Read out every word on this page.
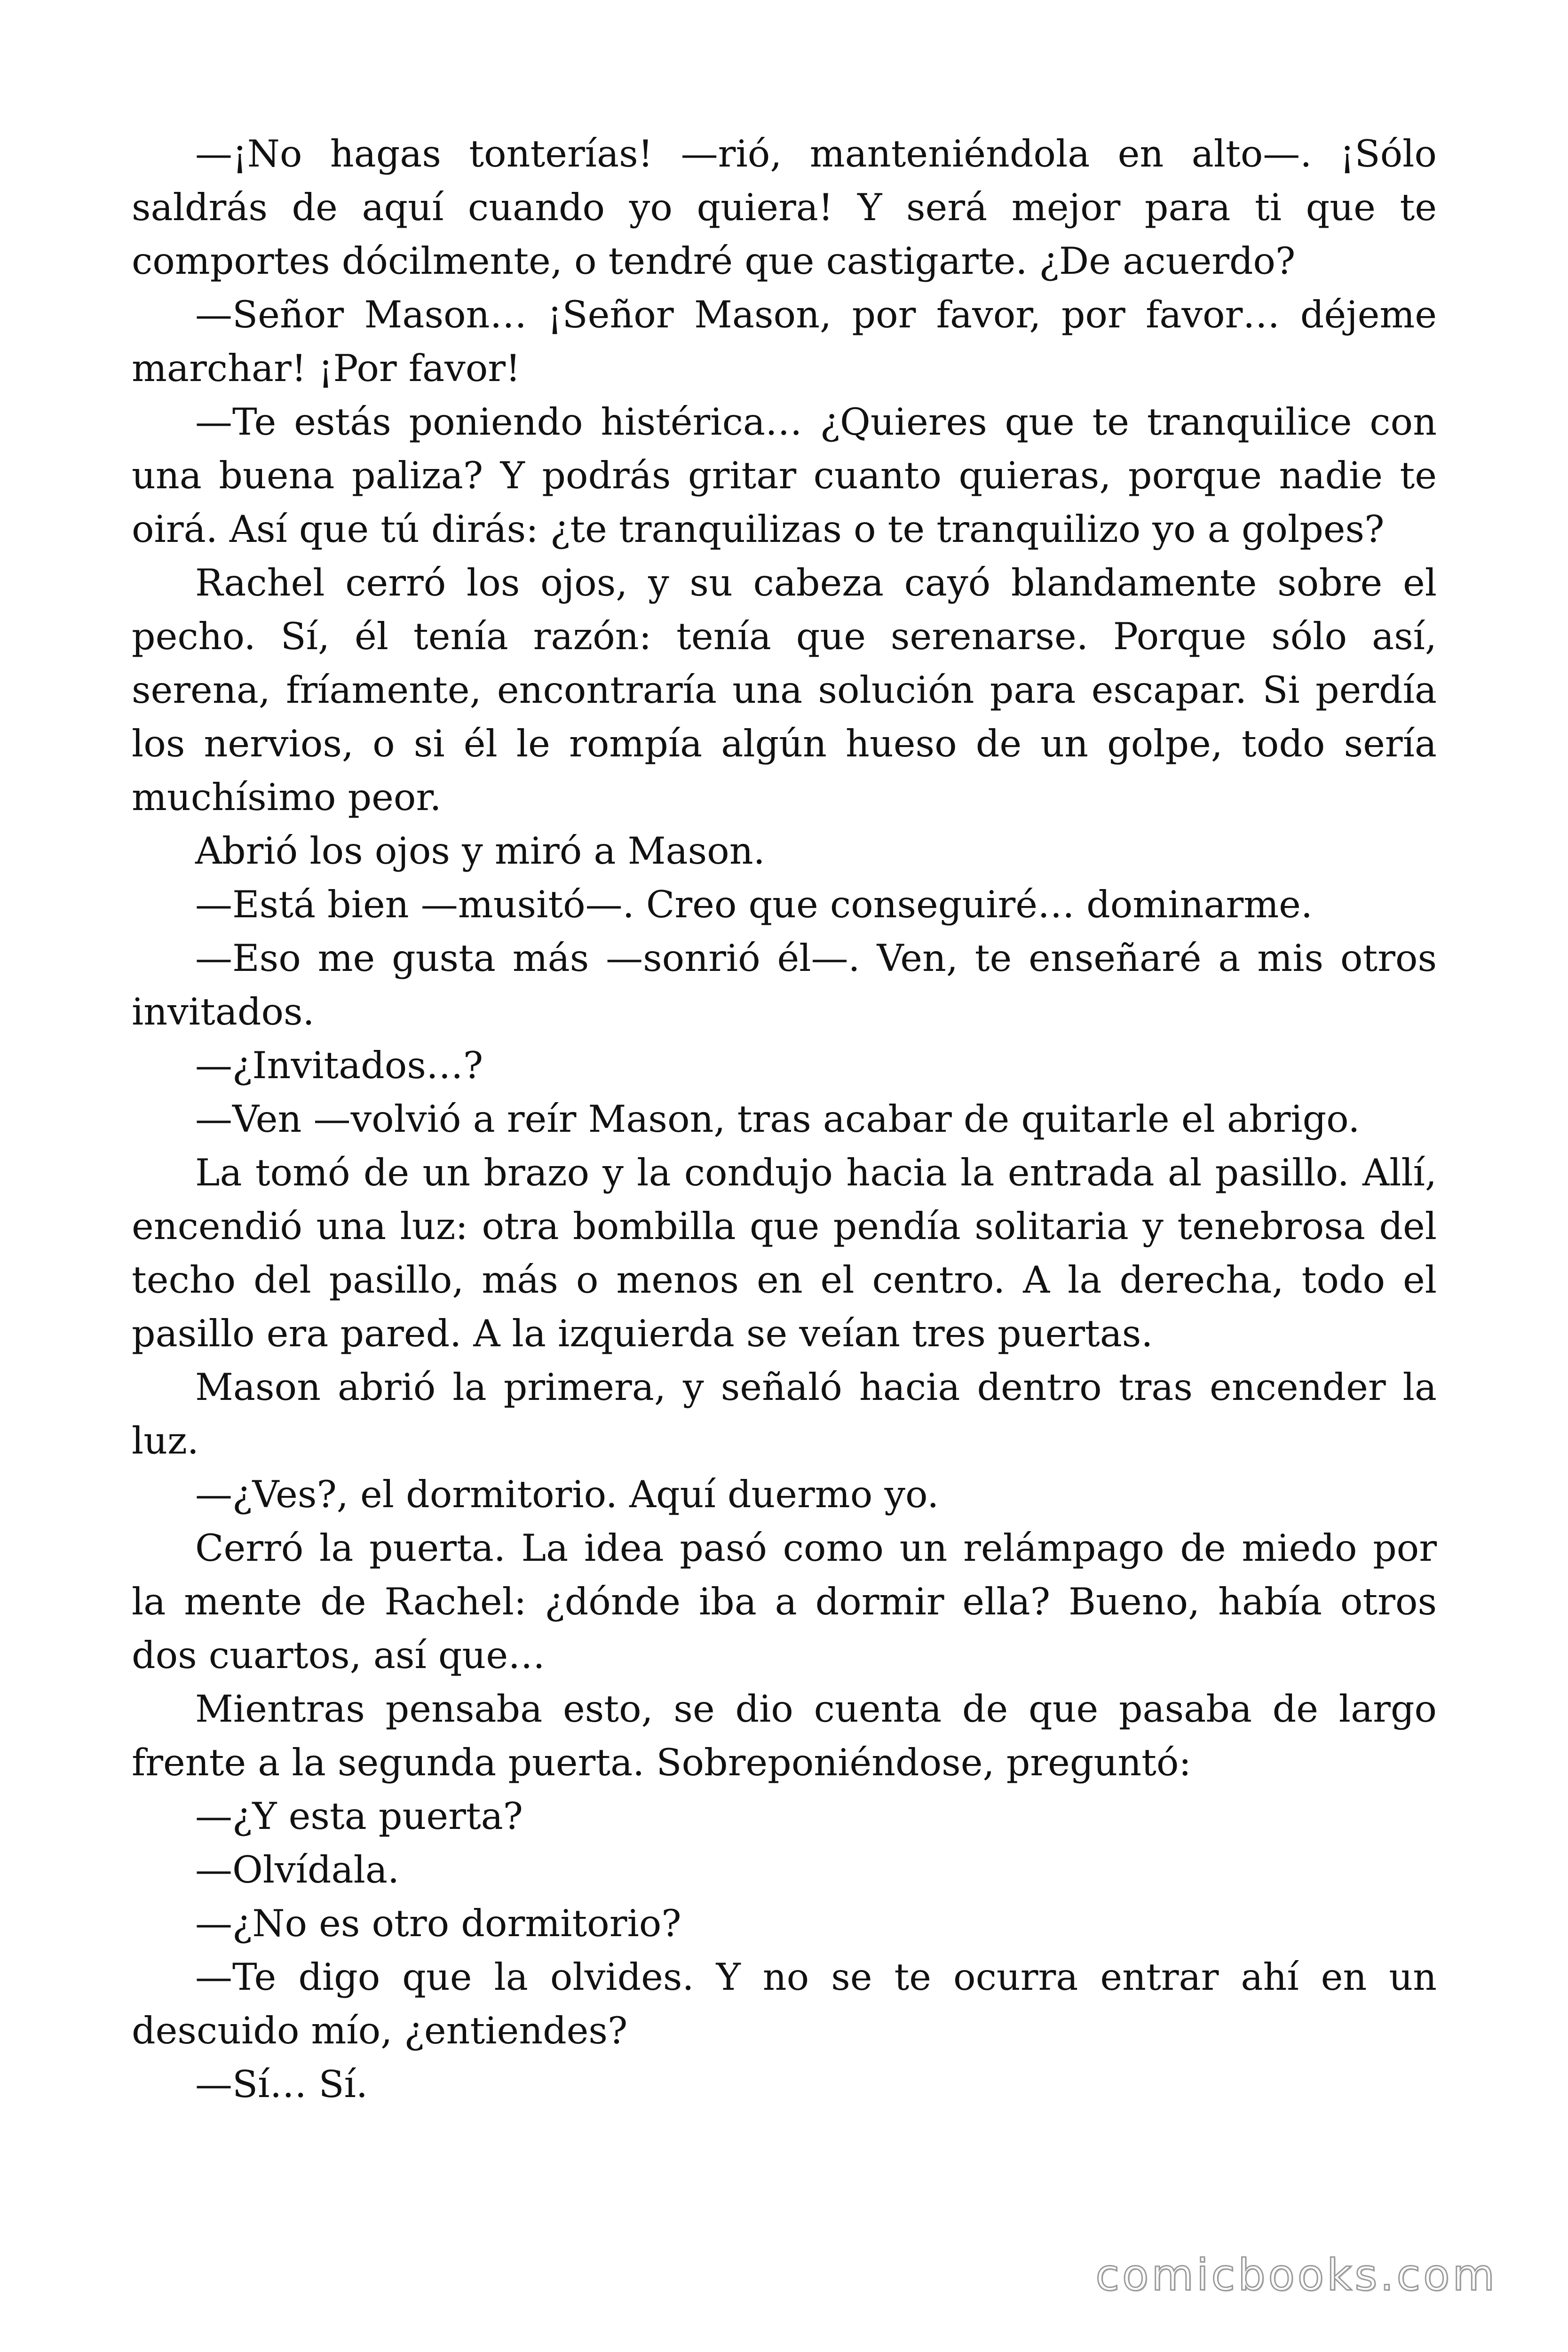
—¡No hagas tonterías! —rió, manteniéndola en alto—. ¡Sólo saldrás de aquí cuando yo quiera! Y será mejor para ti que te comportes dócilmente, o tendré que castigarte. ¿De acuerdo?

—Señor Mason… ¡Señor Mason, por favor, por favor… déjeme marchar! ¡Por favor!

—Te estás poniendo histérica… ¿Quieres que te tranquilice con una buena paliza? Y podrás gritar cuanto quieras, porque nadie te oirá. Así que tú dirás: ¿te tranquilizas o te tranquilizo yo a golpes?

Rachel cerró los ojos, y su cabeza cayó blandamente sobre el pecho. Sí, él tenía razón: tenía que serenarse. Porque sólo así, serena, fríamente, encontraría una solución para escapar. Si perdía los nervios, o si él le rompía algún hueso de un golpe, todo sería muchísimo peor.

Abrió los ojos y miró a Mason.

—Está bien —musitó—. Creo que conseguiré… dominarme.

—Eso me gusta más —sonrió él—. Ven, te enseñaré a mis otros invitados.

—¿Invitados…?

—Ven —volvió a reír Mason, tras acabar de quitarle el abrigo.

La tomó de un brazo y la condujo hacia la entrada al pasillo. Allí, encendió una luz: otra bombilla que pendía solitaria y tenebrosa del techo del pasillo, más o menos en el centro. A la derecha, todo el pasillo era pared. A la izquierda se veían tres puertas.

Mason abrió la primera, y señaló hacia dentro tras encender la luz.

—¿Ves?, el dormitorio. Aquí duermo yo.

Cerró la puerta. La idea pasó como un relámpago de miedo por la mente de Rachel: ¿dónde iba a dormir ella? Bueno, había otros dos cuartos, así que…

Mientras pensaba esto, se dio cuenta de que pasaba de largo frente a la segunda puerta. Sobreponiéndose, preguntó:

—¿Y esta puerta?

—Olvídala.

—¿No es otro dormitorio?

—Te digo que la olvides. Y no se te ocurra entrar ahí en un descuido mío, ¿entiendes?

—Sí… Sí.

comicbooks.com
